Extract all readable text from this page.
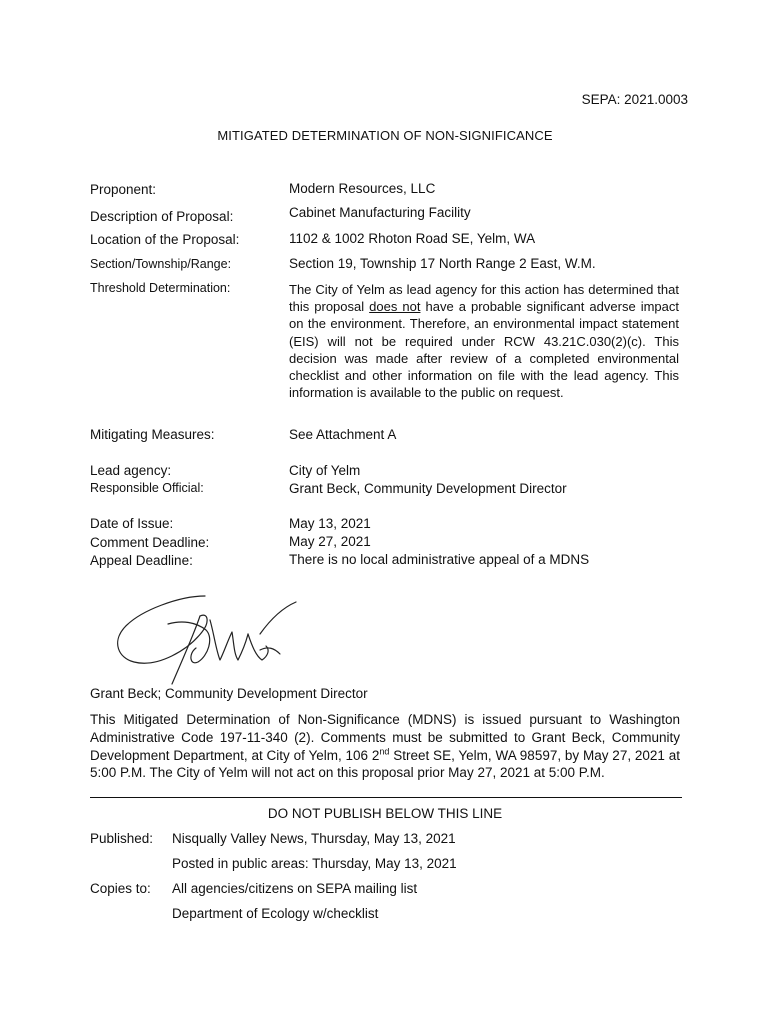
SEPA: 2021.0003
MITIGATED DETERMINATION OF NON-SIGNIFICANCE
Proponent:	Modern Resources, LLC
Description of Proposal:	Cabinet Manufacturing Facility
Location of the Proposal:	1102 & 1002 Rhoton Road SE, Yelm, WA
Section/Township/Range:	Section 19, Township 17 North Range 2 East, W.M.
Threshold Determination:	The City of Yelm as lead agency for this action has determined that this proposal does not have a probable significant adverse impact on the environment. Therefore, an environmental impact statement (EIS) will not be required under RCW 43.21C.030(2)(c). This decision was made after review of a completed environmental checklist and other information on file with the lead agency. This information is available to the public on request.
Mitigating Measures:	See Attachment A
Lead agency:	City of Yelm
Responsible Official:	Grant Beck, Community Development Director
Date of Issue:	May 13, 2021
Comment Deadline:	May 27, 2021
Appeal Deadline:	There is no local administrative appeal of a MDNS
Grant Beck; Community Development Director
This Mitigated Determination of Non-Significance (MDNS) is issued pursuant to Washington Administrative Code 197-11-340 (2). Comments must be submitted to Grant Beck, Community Development Department, at City of Yelm, 106 2nd Street SE, Yelm, WA 98597, by May 27, 2021 at 5:00 P.M. The City of Yelm will not act on this proposal prior May 27, 2021 at 5:00 P.M.
DO NOT PUBLISH BELOW THIS LINE
Published: Nisqually Valley News, Thursday, May 13, 2021
Posted in public areas: Thursday, May 13, 2021
Copies to: All agencies/citizens on SEPA mailing list
Department of Ecology w/checklist
